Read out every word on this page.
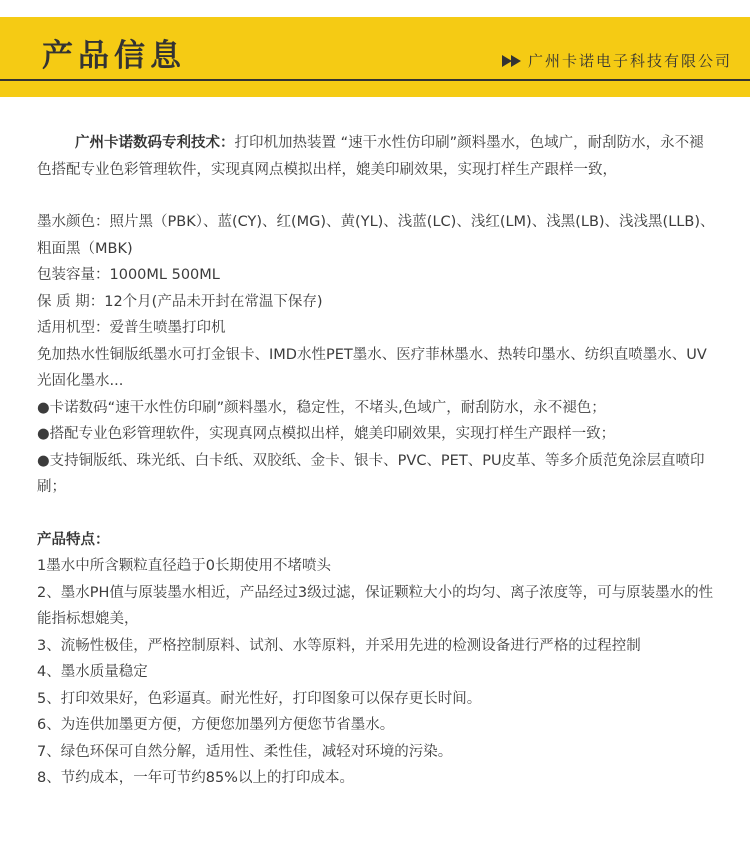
产品信息	广州卡诺电子科技有限公司

广州卡诺数码专利技术：打印机加热装置 “速干水性仿印刷”颜料墨水，色域广，耐刮防水，永不褪色搭配专业色彩管理软件，实现真网点模拟出样，媲美印刷效果，实现打样生产跟样一致，

墨水颜色：照片黑（PBK）、蓝(CY)、红(MG)、黄(YL)、浅蓝(LC)、浅红(LM)、浅黑(LB)、浅浅黑(LLB)、粗面黑（MBK)

包装容量：1000ML 500ML

保 质 期：12个月(产品未开封在常温下保存)

适用机型：爱普生喷墨打印机

免加热水性铜版纸墨水可打金银卡、IMD水性PET墨水、医疗菲林墨水、热转印墨水、纺织直喷墨水、UV光固化墨水...

●卡诺数码“速干水性仿印刷”颜料墨水，稳定性，不堵头,色域广，耐刮防水，永不褪色；

●搭配专业色彩管理软件，实现真网点模拟出样，媲美印刷效果，实现打样生产跟样一致；

●支持铜版纸、珠光纸、白卡纸、双胶纸、金卡、银卡、PVC、PET、PU皮革、等多介质范免涂层直喷印刷；

产品特点：

1墨水中所含颗粒直径趋于0长期使用不堵喷头

2、墨水PH值与原装墨水相近，产品经过3级过滤，保证颗粒大小的均匀、离子浓度等，可与原装墨水的性能指标想媲美，

3、流畅性极佳，严格控制原料、试剂、水等原料，并采用先进的检测设备进行严格的过程控制

4、墨水质量稳定

5、打印效果好，色彩逼真。耐光性好，打印图象可以保存更长时间。

6、为连供加墨更方便，方便您加墨列方便您节省墨水。

7、绿色环保可自然分解，适用性、柔性佳，减轻对环境的污染。

8、节约成本，一年可节约85%以上的打印成本。
